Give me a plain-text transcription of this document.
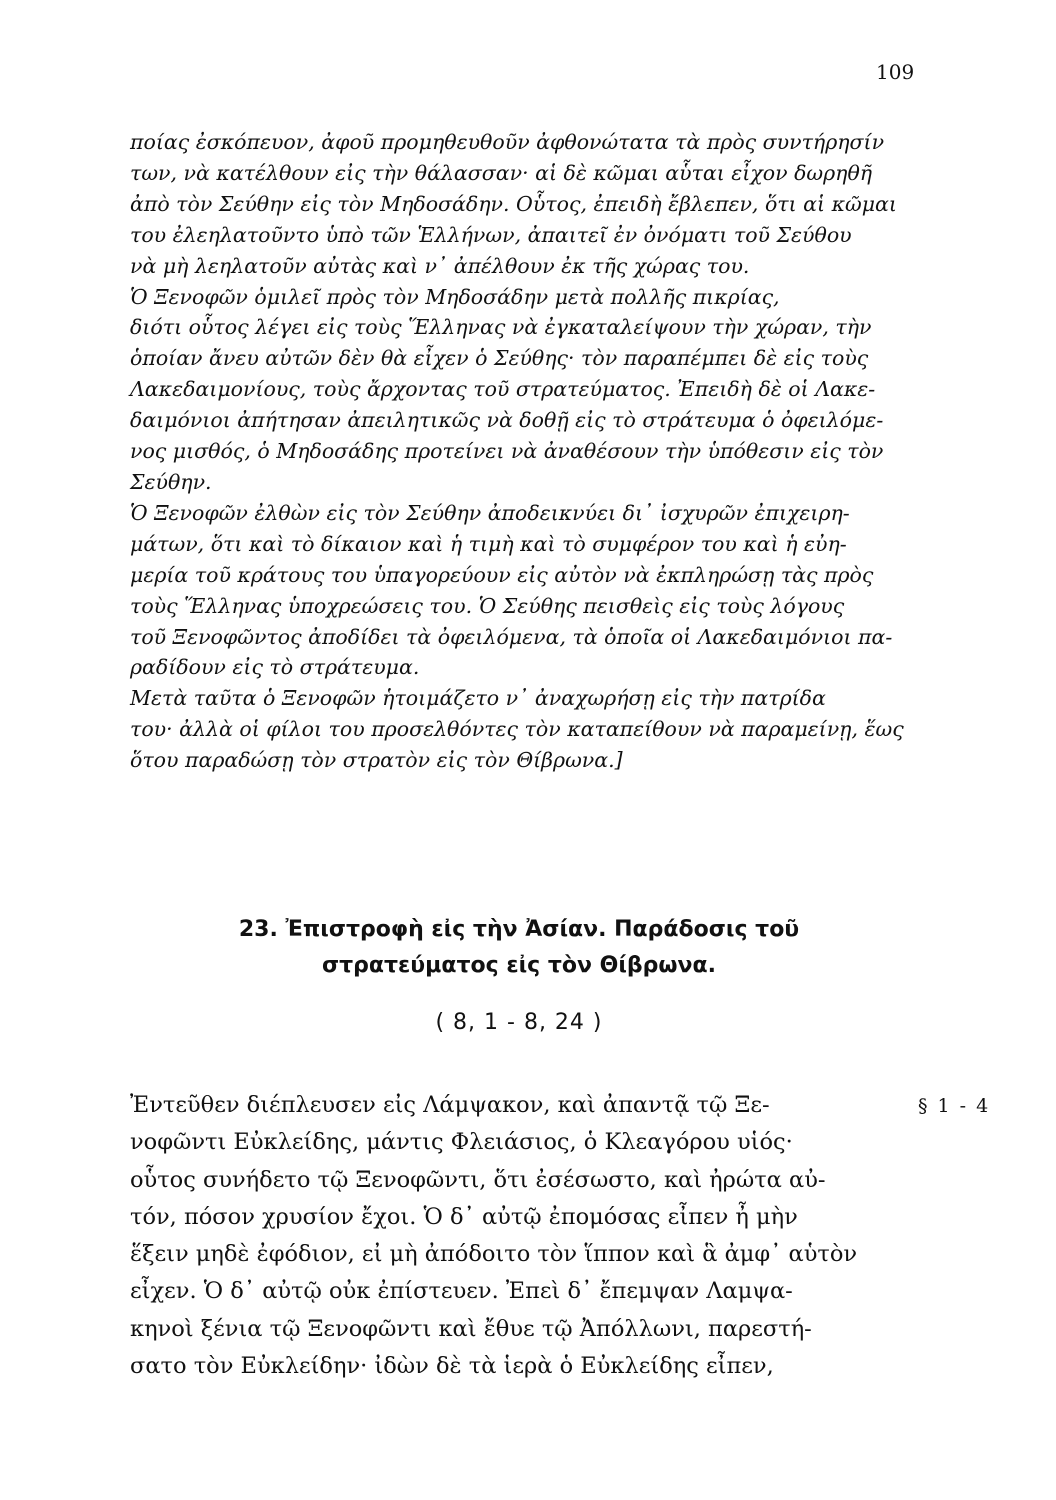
109
ποίας ἐσκόπευον, ἀφοῦ προμηθευθοῦν ἀφθονώτατα τὰ πρὸς συντήρησίν
των, νὰ κατέλθουν εἰς τὴν θάλασσαν· αἱ δὲ κῶμαι αὗται εἶχον δωρηθῆ
ἀπὸ τὸν Σεύθην εἰς τὸν Μηδοσάδην. Οὗτος, ἐπειδὴ ἔβλεπεν, ὅτι αἱ κῶμαι
του ἐλεηλατοῦντο ὑπὸ τῶν Ἑλλήνων, ἀπαιτεῖ ἐν ὀνόματι τοῦ Σεύθου
νὰ μὴ λεηλατοῦν αὐτὰς καὶ ν᾿ ἀπέλθουν ἐκ τῆς χώρας του.
Ὁ Ξενοφῶν ὁμιλεῖ πρὸς τὸν Μηδοσάδην μετὰ πολλῆς πικρίας,
διότι οὗτος λέγει εἰς τοὺς Ἕλληνας νὰ ἐγκαταλείψουν τὴν χώραν, τὴν
ὁποίαν ἄνευ αὐτῶν δὲν θὰ εἶχεν ὁ Σεύθης· τὸν παραπέμπει δὲ εἰς τοὺς
Λακεδαιμονίους, τοὺς ἄρχοντας τοῦ στρατεύματος. Ἐπειδὴ δὲ οἱ Λακε-
δαιμόνιοι ἀπήτησαν ἀπειλητικῶς νὰ δοθῇ εἰς τὸ στράτευμα ὁ ὀφειλόμε-
νος μισθός, ὁ Μηδοσάδης προτείνει νὰ ἀναθέσουν τὴν ὑπόθεσιν εἰς τὸν
Σεύθην.
Ὁ Ξενοφῶν ἐλθὼν εἰς τὸν Σεύθην ἀποδεικνύει δι᾿ ἰσχυρῶν ἐπιχειρη-
μάτων, ὅτι καὶ τὸ δίκαιον καὶ ἡ τιμὴ καὶ τὸ συμφέρον του καὶ ἡ εὐη-
μερία τοῦ κράτους του ὑπαγορεύουν εἰς αὐτὸν νὰ ἐκπληρώσῃ τὰς πρὸς
τοὺς Ἕλληνας ὑποχρεώσεις του. Ὁ Σεύθης πεισθεὶς εἰς τοὺς λόγους
τοῦ Ξενοφῶντος ἀποδίδει τὰ ὀφειλόμενα, τὰ ὁποῖα οἱ Λακεδαιμόνιοι πα-
ραδίδουν εἰς τὸ στράτευμα.
Μετὰ ταῦτα ὁ Ξενοφῶν ἡτοιμάζετο ν᾿ ἀναχωρήσῃ εἰς τὴν πατρίδα
του· ἀλλὰ οἱ φίλοι του προσελθόντες τὸν καταπείθουν νὰ παραμείνῃ, ἕως
ὅτου παραδώσῃ τὸν στρατὸν εἰς τὸν Θίβρωνα.]
23. Ἐπιστροφὴ εἰς τὴν Ἀσίαν. Παράδοσις τοῦ
στρατεύματος εἰς τὸν Θίβρωνα.
( 8, 1 - 8, 24 )
Ἐντεῦθεν διέπλευσεν εἰς Λάμψακον, καὶ ἀπαντᾷ τῷ Ξε-
νοφῶντι Εὐκλείδης, μάντις Φλειάσιος, ὁ Κλεαγόρου υἱός·
οὗτος συνήδετο τῷ Ξενοφῶντι, ὅτι ἐσέσωστο, καὶ ἠρώτα αὐ-
τόν, πόσον χρυσίον ἔχοι. Ὁ δ᾿ αὐτῷ ἐπομόσας εἶπεν ἦ μὴν
ἕξειν μηδὲ ἐφόδιον, εἰ μὴ ἀπόδοιτο τὸν ἵππον καὶ ἃ ἀμφ᾿ αὑτὸν
εἶχεν. Ὁ δ᾿ αὐτῷ οὐκ ἐπίστευεν. Ἐπεὶ δ᾿ ἔπεμψαν Λαμψα-
κηνοὶ ξένια τῷ Ξενοφῶντι καὶ ἔθυε τῷ Ἀπόλλωνι, παρεστή-
σατο τὸν Εὐκλείδην· ἰδὼν δὲ τὰ ἱερὰ ὁ Εὐκλείδης εἶπεν,
§ 1 - 4
